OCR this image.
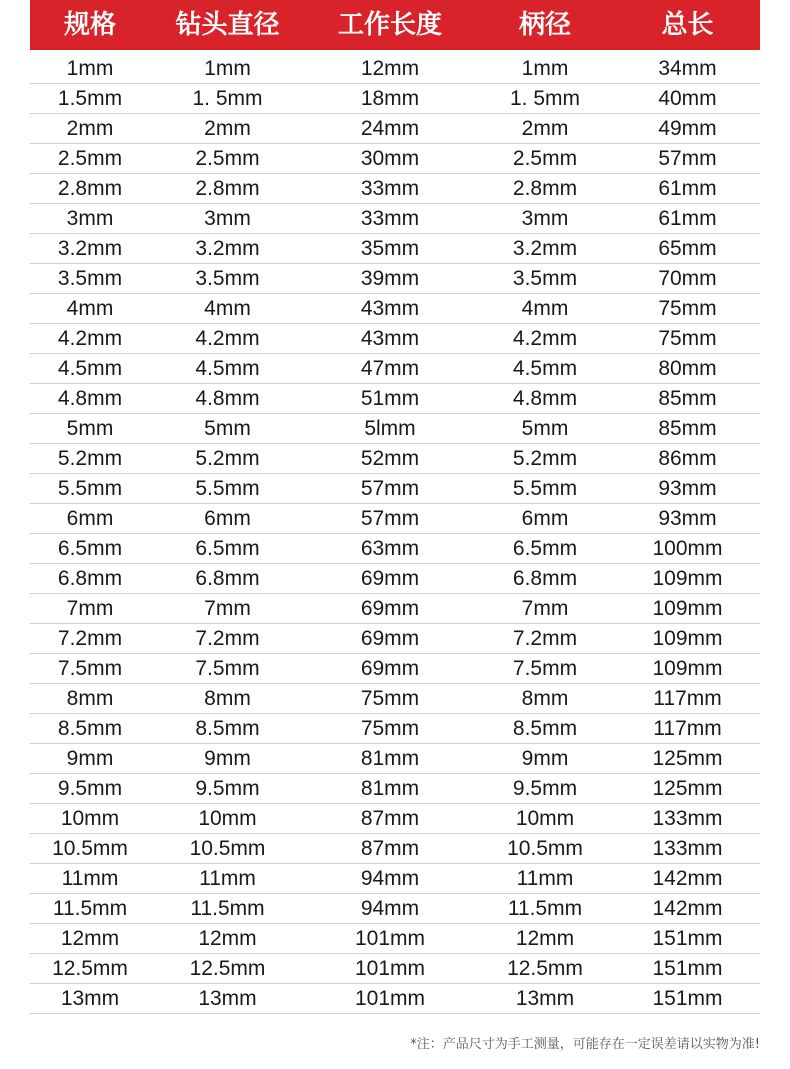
规格	钻头直径	工作长度	柄径	总长
1mm	1mm	12mm	1mm	34mm
1.5mm	1. 5mm	18mm	1. 5mm	40mm
2mm	2mm	24mm	2mm	49mm
2.5mm	2.5mm	30mm	2.5mm	57mm
2.8mm	2.8mm	33mm	2.8mm	61mm
3mm	3mm	33mm	3mm	61mm
3.2mm	3.2mm	35mm	3.2mm	65mm
3.5mm	3.5mm	39mm	3.5mm	70mm
4mm	4mm	43mm	4mm	75mm
4.2mm	4.2mm	43mm	4.2mm	75mm
4.5mm	4.5mm	47mm	4.5mm	80mm
4.8mm	4.8mm	51mm	4.8mm	85mm
5mm	5mm	5lmm	5mm	85mm
5.2mm	5.2mm	52mm	5.2mm	86mm
5.5mm	5.5mm	57mm	5.5mm	93mm
6mm	6mm	57mm	6mm	93mm
6.5mm	6.5mm	63mm	6.5mm	100mm
6.8mm	6.8mm	69mm	6.8mm	109mm
7mm	7mm	69mm	7mm	109mm
7.2mm	7.2mm	69mm	7.2mm	109mm
7.5mm	7.5mm	69mm	7.5mm	109mm
8mm	8mm	75mm	8mm	117mm
8.5mm	8.5mm	75mm	8.5mm	117mm
9mm	9mm	81mm	9mm	125mm
9.5mm	9.5mm	81mm	9.5mm	125mm
10mm	10mm	87mm	10mm	133mm
10.5mm	10.5mm	87mm	10.5mm	133mm
11mm	11mm	94mm	11mm	142mm
11.5mm	11.5mm	94mm	11.5mm	142mm
12mm	12mm	101mm	12mm	151mm
12.5mm	12.5mm	101mm	12.5mm	151mm
13mm	13mm	101mm	13mm	151mm
*注：产品尺寸为手工测量，可能存在一定误差请以实物为准!
